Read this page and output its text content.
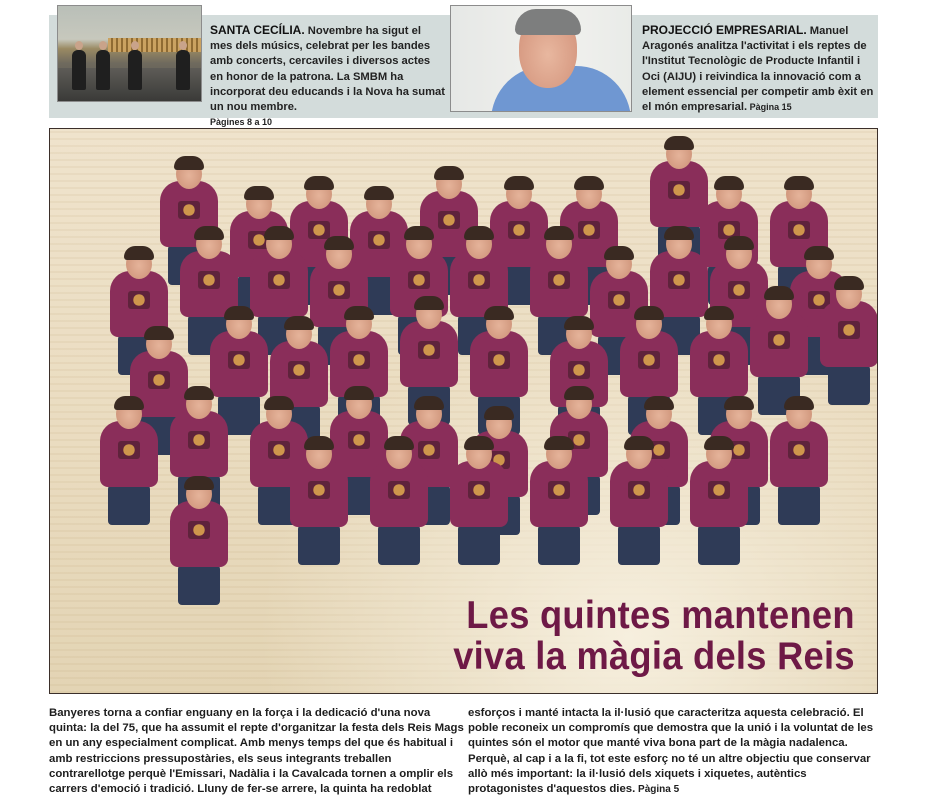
SANTA CECÍLIA. Novembre ha sigut el mes dels músics, celebrat per les bandes amb concerts, cercaviles i diversos actes en honor de la patrona. La SMBM ha incorporat deu educands i la Nova ha sumat un nou membre.
Pàgines 8 a 10
PROJECCIÓ EMPRESARIAL. Manuel Aragonés analitza l'activitat i els reptes de l'Institut Tecnològic de Producte Infantil i Oci (AIJU) i reivindica la innovació com a element essencial per competir amb èxit en el món empresarial. Pàgina 15
Les quintes mantenen
viva la màgia dels Reis
Banyeres torna a confiar enguany en la força i la dedicació d'una nova quinta: la del 75, que ha assumit el repte d'organitzar la festa dels Reis Mags en un any especialment complicat. Amb menys temps del que és habitual i amb restriccions pressupostàries, els seus integrants treballen contrarellotge perquè l'Emissari, Nadàlia i la Cavalcada tornen a omplir els carrers d'emoció i tradició. Lluny de fer-se arrere, la quinta ha redoblat
esforços i manté intacta la il·lusió que caracteritza aquesta celebració. El poble reconeix un compromís que demostra que la unió i la voluntat de les quintes són el motor que manté viva bona part de la màgia nadalenca. Perquè, al cap i a la fi, tot este esforç no té un altre objectiu que conservar allò més important: la il·lusió dels xiquets i xiquetes, autèntics protagonistes d'aquestos dies. Pàgina 5
